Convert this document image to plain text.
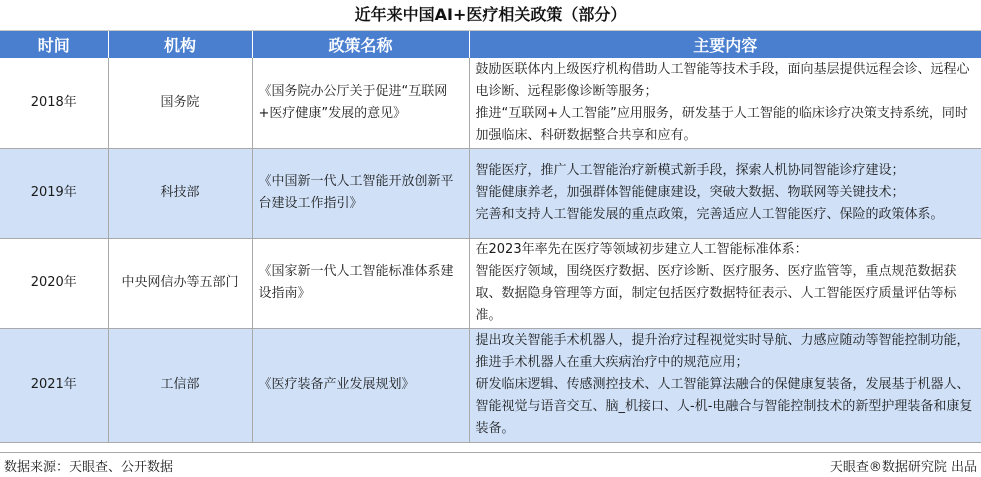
近年来中国AI+医疗相关政策（部分）
时间	机构	政策名称	主要内容
2018年	国务院	《国务院办公厅关于促进“互联网+医疗健康”发展的意见》	鼓励医联体内上级医疗机构借助人工智能等技术手段，面向基层提供远程会诊、远程心电诊断、远程影像诊断等服务；
推进“互联网+人工智能”应用服务，研发基于人工智能的临床诊疗决策支持系统，同时加强临床、科研数据整合共享和应有。

2019年	科技部	《中国新一代人工智能开放创新平台建设工作指引》	智能医疗，推广人工智能治疗新模式新手段，探索人机协同智能诊疗建设；
智能健康养老，加强群体智能健康建设，突破大数据、物联网等关键技术；
完善和支持人工智能发展的重点政策，完善适应人工智能医疗、保险的政策体系。

2020年	中央网信办等五部门	《国家新一代人工智能标准体系建设指南》	在2023年率先在医疗等领域初步建立人工智能标准体系：
智能医疗领域，围绕医疗数据、医疗诊断、医疗服务、医疗监管等，重点规范数据获取、数据隐身管理等方面，制定包括医疗数据特征表示、人工智能医疗质量评估等标准。

2021年	工信部	《医疗装备产业发展规划》	提出攻关智能手术机器人，提升治疗过程视觉实时导航、力感应随动等智能控制功能，推进手术机器人在重大疾病治疗中的规范应用；
研发临床逻辑、传感测控技术、人工智能算法融合的保健康复装备，发展基于机器人、智能视觉与语音交互、脑_机接口、人-机-电融合与智能控制技术的新型护理装备和康复装备。
数据来源：天眼查、公开数据	天眼查®数据研究院 出品
